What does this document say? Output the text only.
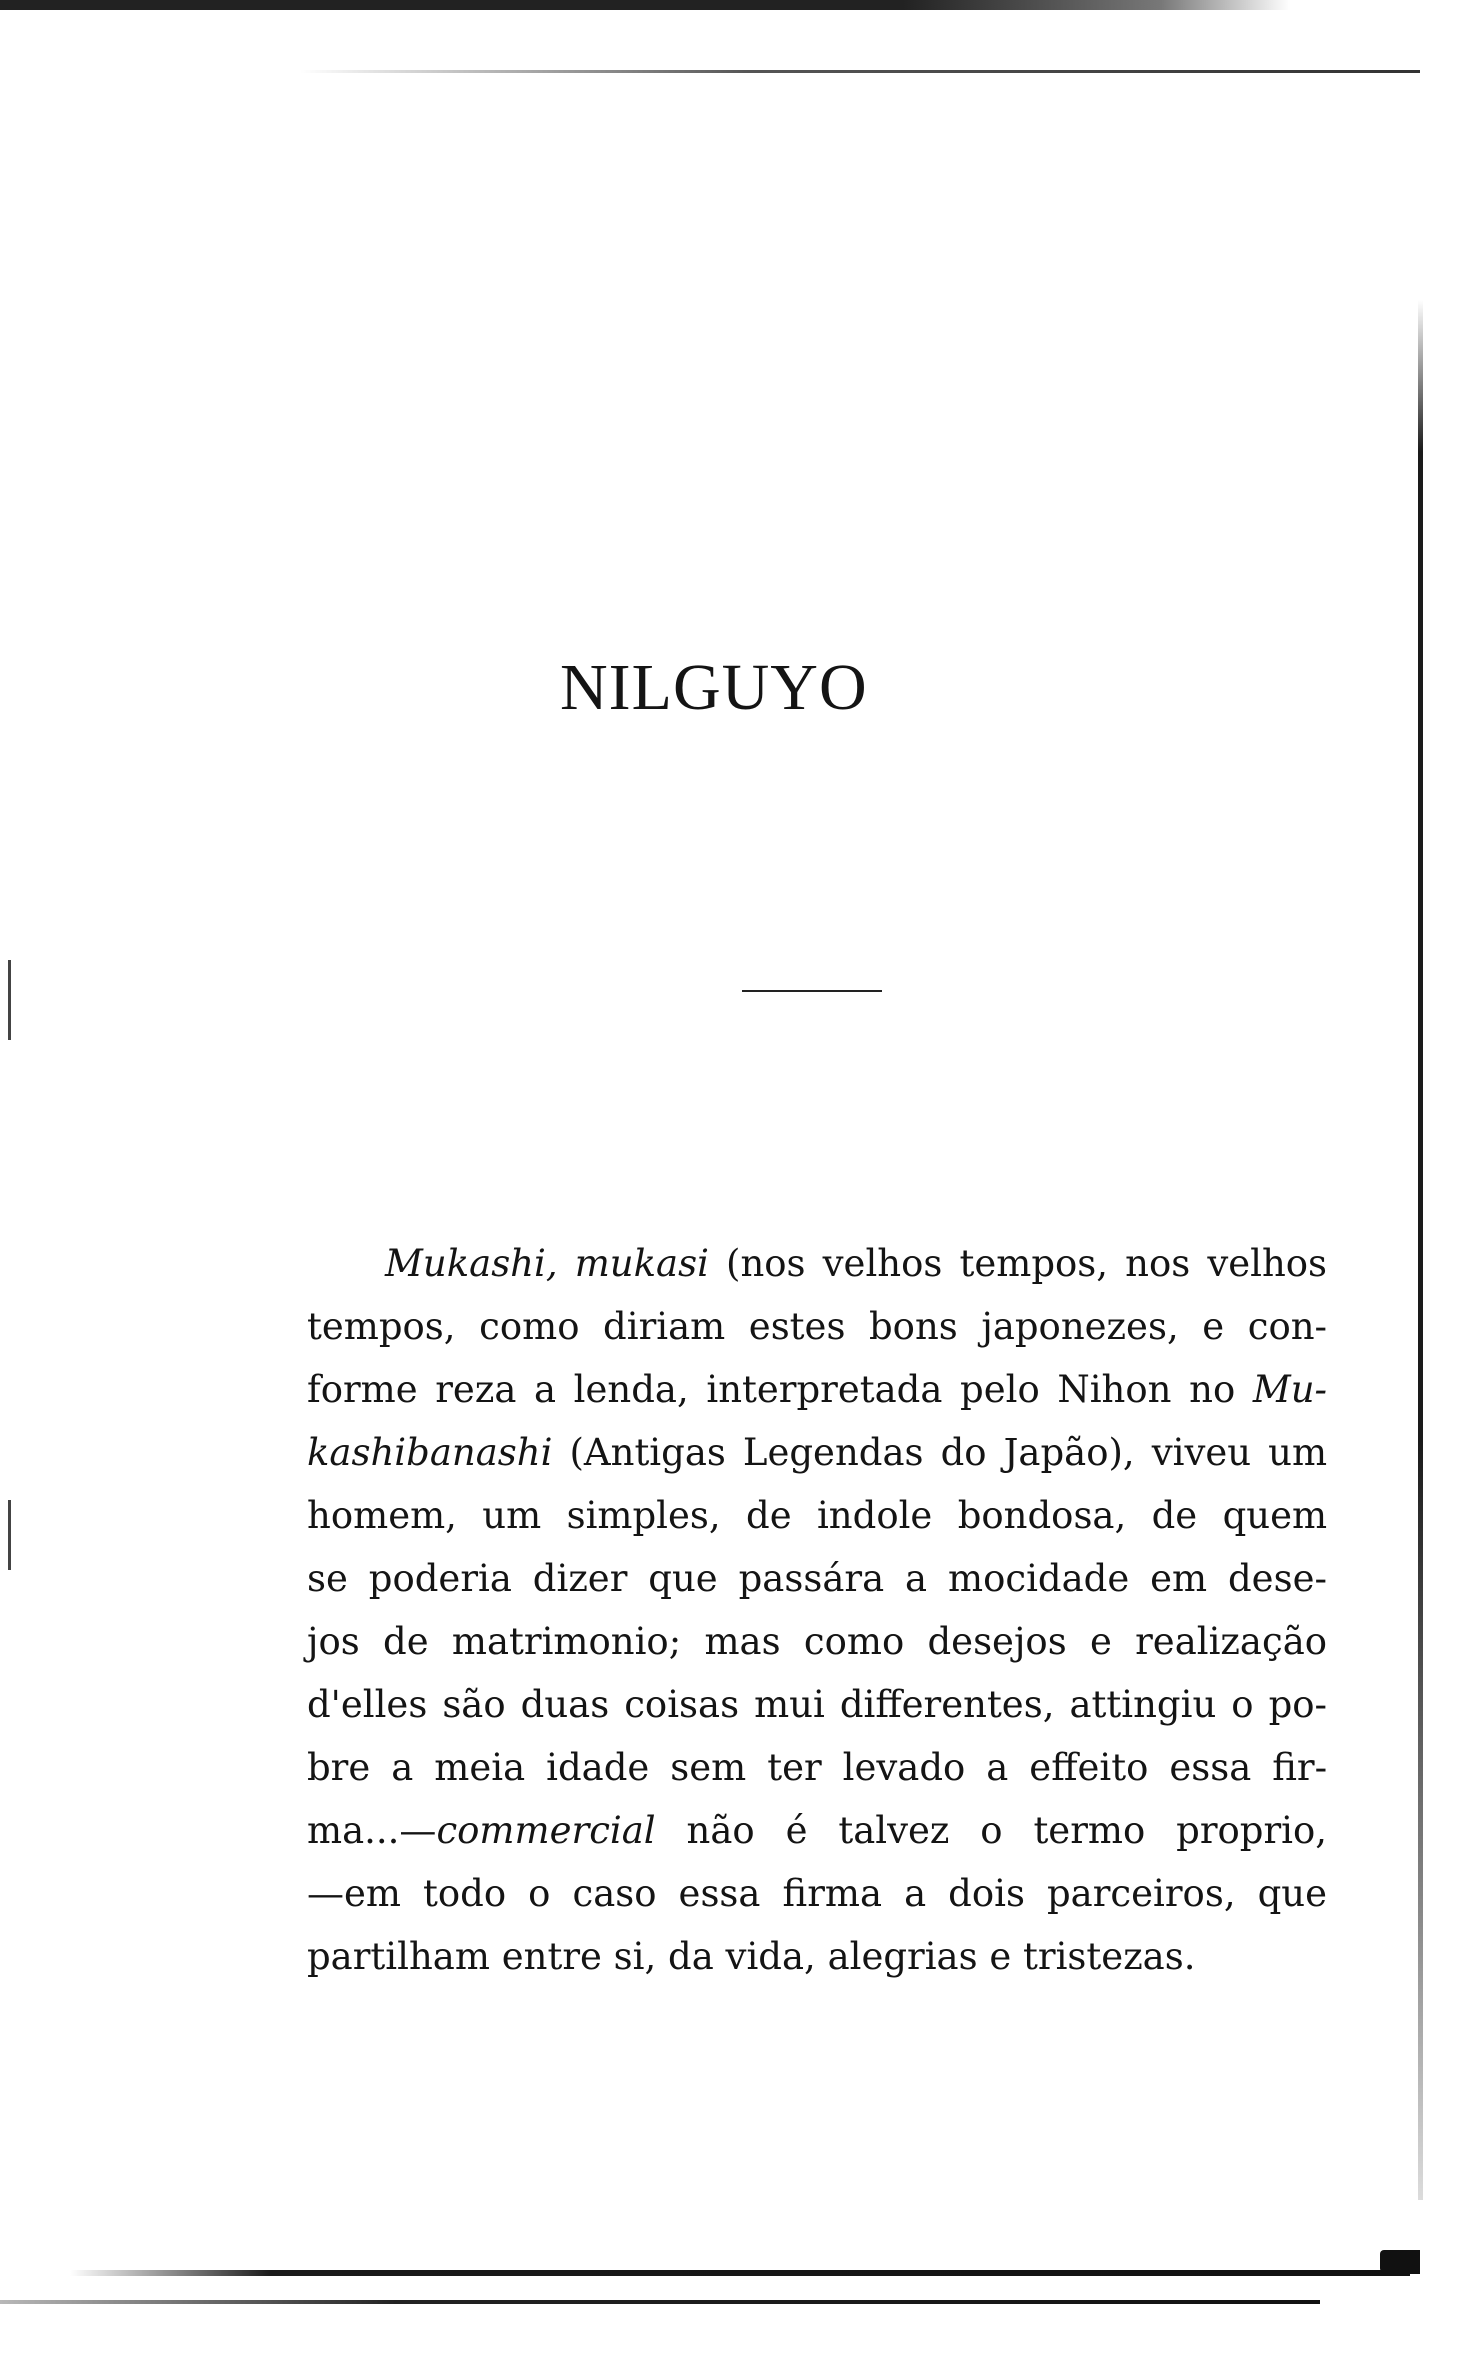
NILGUYO
Mukashi, mukasi (nos velhos tempos, nos velhos
tempos, como diriam estes bons japonezes, e con-
forme reza a lenda, interpretada pelo Nihon no Mu-
kashibanashi (Antigas Legendas do Japão), viveu um
homem, um simples, de indole bondosa, de quem
se poderia dizer que passára a mocidade em dese-
jos de matrimonio; mas como desejos e realização
d'elles são duas coisas mui differentes, attingiu o po-
bre a meia idade sem ter levado a effeito essa fir-
ma...—commercial não é talvez o termo proprio,
—em todo o caso essa firma a dois parceiros, que
partilham entre si, da vida, alegrias e tristezas.
